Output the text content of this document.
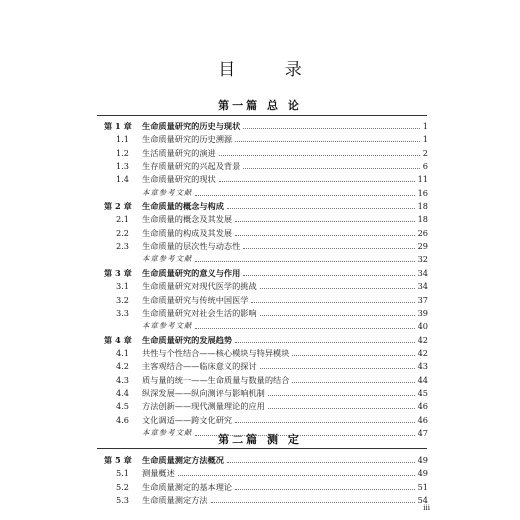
目 录
第一篇 总 论
第二篇 测 定
第 1 章 生命质量研究的历史与现状	1
1.1 生命质量研究的历史溯源	1
1.2 生活质量研究的演进	2
1.3 生存质量研究的兴起及背景	6
1.4 生命质量研究的现状	11
本章参考文献	16
第 2 章 生命质量的概念与构成	18
2.1 生命质量的概念及其发展	18
2.2 生命质量的构成及其发展	26
2.3 生命质量的层次性与动态性	29
本章参考文献	32
第 3 章 生命质量研究的意义与作用	34
3.1 生命质量研究对现代医学的挑战	34
3.2 生命质量研究与传统中国医学	37
3.3 生命质量研究对社会生活的影响	39
本章参考文献	40
第 4 章 生命质量研究的发展趋势	42
4.1 共性与个性结合——核心模块与特异模块	42
4.2 主客观结合——临床意义的探讨	43
4.3 质与量的统一——生命质量与数量的结合	44
4.4 纵深发展——纵向测评与影响机制	45
4.5 方法创新——现代测量理论的应用	46
4.6 文化调适——跨文化研究	46
本章参考文献	47
第 5 章 生命质量测定方法概况	49
5.1 测量概述	49
5.2 生命质量测定的基本理论	51
5.3 生命质量测定方法	54
iii
